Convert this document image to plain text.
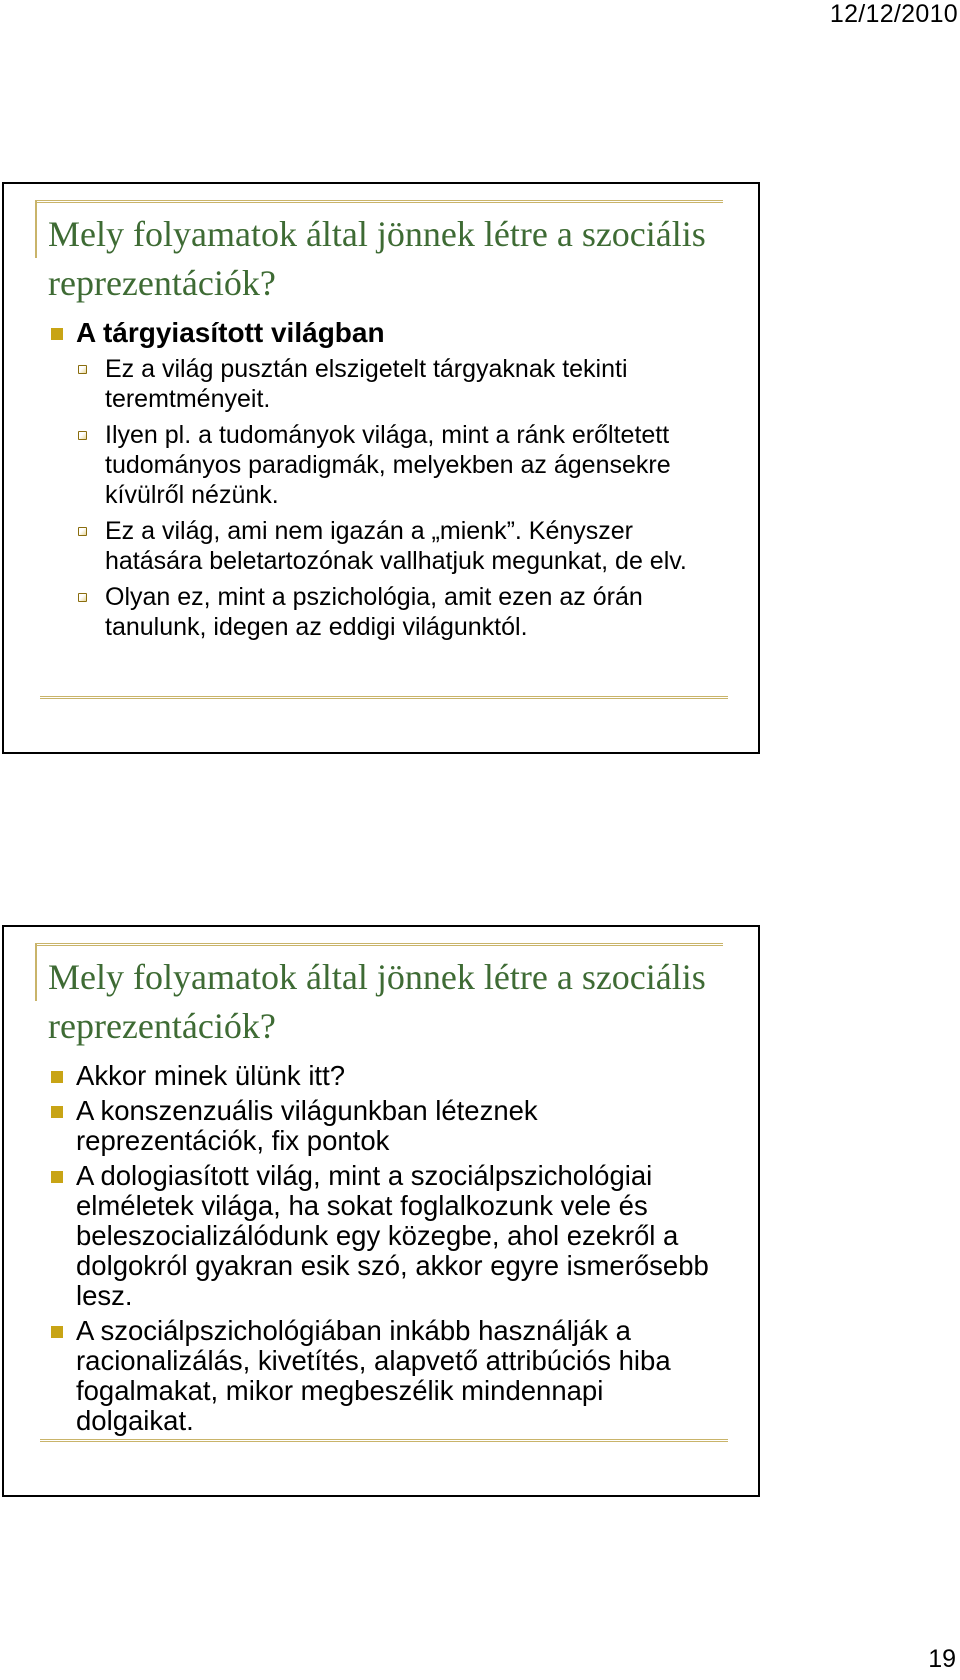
12/12/2010
Mely folyamatok által jönnek létre a szociális reprezentációk?
A tárgyiasított világban
Ez a világ pusztán elszigetelt tárgyaknak tekinti teremtményeit.
Ilyen pl. a tudományok világa, mint a ránk erőltetett tudományos paradigmák, melyekben az ágensekre kívülről nézünk.
Ez a világ, ami nem igazán a „mienk”. Kényszer hatására beletartozónak vallhatjuk megunkat, de elv.
Olyan ez, mint a pszichológia, amit ezen az órán tanulunk, idegen az eddigi világunktól.
Mely folyamatok által jönnek létre a szociális reprezentációk?
Akkor minek ülünk itt?
A konszenzuális világunkban léteznek reprezentációk, fix pontok
A dologiasított világ, mint a szociálpszichológiai elméletek világa, ha sokat foglalkozunk vele és beleszocializálódunk egy közegbe, ahol ezekről a dolgokról gyakran esik szó, akkor egyre ismerősebb lesz.
A szociálpszichológiában inkább használják a racionalizálás, kivetítés, alapvető attribúciós hiba fogalmakat, mikor megbeszélik mindennapi dolgaikat.
19
